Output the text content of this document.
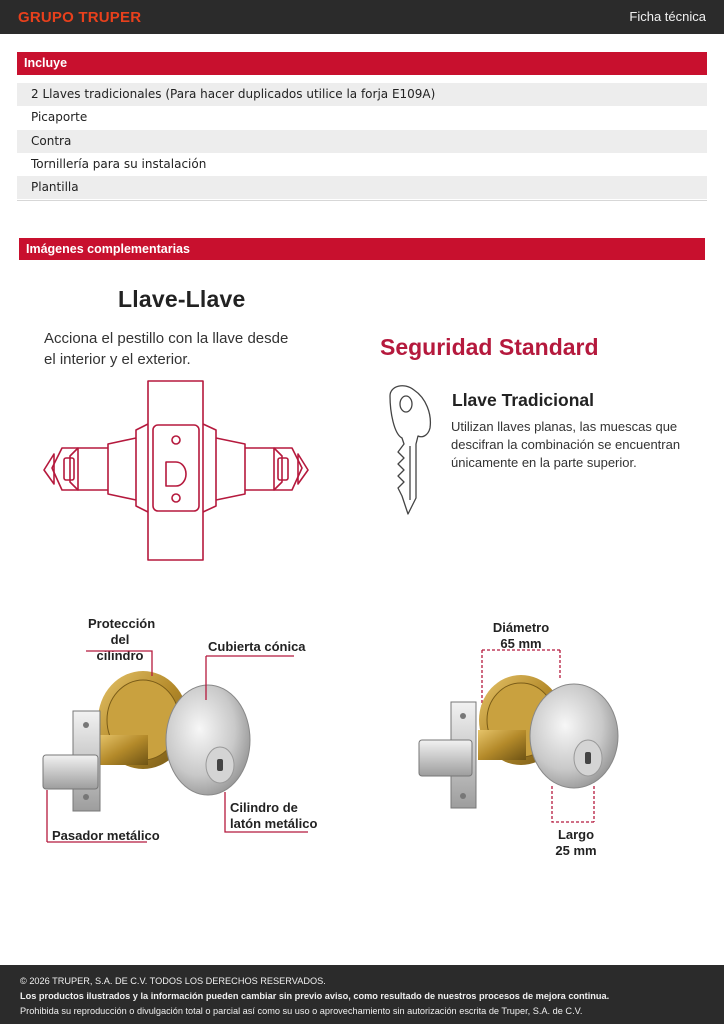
GRUPO TRUPER	Ficha técnica
Incluye
2 Llaves tradicionales (Para hacer duplicados utilice la forja E109A)
Picaporte
Contra
Tornillería para su instalación
Plantilla
Imágenes complementarias
Llave-Llave
Acciona el pestillo con la llave desde el interior y el exterior.	Seguridad Standard
Llave Tradicional
Utilizan llaves planas, las muescas que descifran la combinación se encuentran únicamente en la parte superior.
Protección del cilindro
Cubierta cónica
Cilindro de latón metálico
Pasador metálico
Diámetro
65 mm
Largo
25 mm
© 2026 TRUPER, S.A. DE C.V. TODOS LOS DERECHOS RESERVADOS.
Los productos ilustrados y la información pueden cambiar sin previo aviso, como resultado de nuestros procesos de mejora continua.
Prohibida su reproducción o divulgación total o parcial así como su uso o aprovechamiento sin autorización escrita de Truper, S.A. de C.V.
